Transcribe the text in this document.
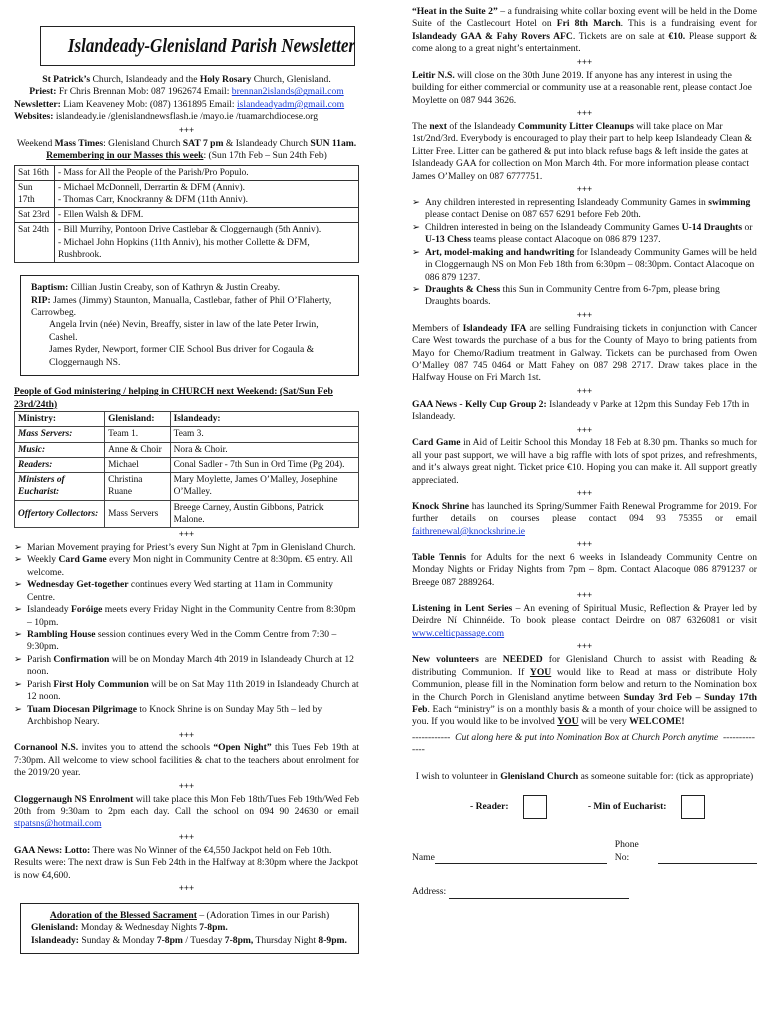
Islandeady-Glenisland Parish Newsletter

St Patrick’s Church, Islandeady and the Holy Rosary Church, Glenisland.

Priest: Fr Chris Brennan Mob: 087 1962674 Email: brennan2islands@gmail.com

Newsletter: Liam Keaveney Mob: (087) 1361895 Email: islandeadyadm@gmail.com

Websites: islandeady.ie /glenislandnewsflash.ie /mayo.ie /tuamarchdiocese.org

+++

Weekend Mass Times: Glenisland Church SAT 7 pm & Islandeady Church SUN 11am.

Remembering in our Masses this week: (Sun 17th Feb – Sun 24th Feb)

Sat 16th	- Mass for All the People of the Parish/Pro Populo.

Sun 17th	- Michael McDonnell, Derrartin & DFM (Anniv).
- Thomas Carr, Knockranny & DFM (11th Anniv).

Sat 23rd	- Ellen Walsh & DFM.

Sat 24th	- Bill Murrihy, Pontoon Drive Castlebar & Cloggernaugh (5th Anniv).
- Michael John Hopkins (11th Anniv), his mother Collette & DFM, Rushbrook.

Baptism: Cillian Justin Creaby, son of Kathryn & Justin Creaby.

RIP: James (Jimmy) Staunton, Manualla, Castlebar, father of Phil O’Flaherty, Carrowbeg.

Angela Irvin (née) Nevin, Breaffy, sister in law of the late Peter Irwin, Cashel.

James Ryder, Newport, former CIE School Bus driver for Cogaula & Cloggernaugh NS.

People of God ministering / helping in CHURCH next Weekend: (Sat/Sun Feb 23rd/24th)

Ministry:	Glenisland:	Islandeady:
Mass Servers:	Team 1.	Team 3.
Music:	Anne & Choir	Nora & Choir.
Readers:	Michael	Conal Sadler - 7th Sun in Ord Time (Pg 204).
Ministers of Eucharist:	Christina Ruane	Mary Moylette, James O’Malley, Josephine O’Malley.
Offertory Collectors:	Mass Servers	Breege Carney, Austin Gibbons, Patrick Malone.

+++

➢ Marian Movement praying for Priest’s every Sun Night at 7pm in Glenisland Church.
➢ Weekly Card Game every Mon night in Community Centre at 8:30pm. €5 entry. All welcome.
➢ Wednesday Get-together continues every Wed starting at 11am in Community Centre.
➢ Islandeady Foróige meets every Friday Night in the Community Centre from 8:30pm – 10pm.
➢ Rambling House session continues every Wed in the Comm Centre from 7:30 – 9:30pm.
➢ Parish Confirmation will be on Monday March 4th 2019 in Islandeady Church at 12 noon.
➢ Parish First Holy Communion will be on Sat May 11th 2019 in Islandeady Church at 12 noon.
➢ Tuam Diocesan Pilgrimage to Knock Shrine is on Sunday May 5th – led by Archbishop Neary.

+++

Cornanool N.S. invites you to attend the schools “Open Night” this Tues Feb 19th at 7:30pm. All welcome to view school facilities & chat to the teachers about enrolment for the 2019/20 year.

+++

Cloggernaugh NS Enrolment will take place this Mon Feb 18th/Tues Feb 19th/Wed Feb 20th from 9:30am to 2pm each day. Call the school on 094 90 24630 or email stpatsns@hotmail.com

+++

GAA News: Lotto: There was No Winner of the €4,550 Jackpot held on Feb 10th. Results were: The next draw is Sun Feb 24th in the Halfway at 8:30pm where the Jackpot is now €4,600.

+++

Adoration of the Blessed Sacrament – (Adoration Times in our Parish)

Glenisland: Monday & Wednesday Nights 7-8pm.

Islandeady: Sunday & Monday 7-8pm / Tuesday 7-8pm, Thursday Night 8-9pm.

“Heat in the Suite 2” – a fundraising white collar boxing event will be held in the Dome Suite of the Castlecourt Hotel on Fri 8th March. This is a fundraising event for Islandeady GAA & Fahy Rovers AFC. Tickets are on sale at €10. Please support & come along to a great night’s entertainment.

+++

Leitir N.S. will close on the 30th June 2019. If anyone has any interest in using the building for either commercial or community use at a reasonable rent, please contact Joe Moylette on 087 944 3626.

+++

The next of the Islandeady Community Litter Cleanups will take place on Mar 1st/2nd/3rd. Everybody is encouraged to play their part to help keep Islandeady Clean & Litter Free. Litter can be gathered & put into black refuse bags & left inside the gates at Islandeady GAA for collection on Mon March 4th. For more information please contact James O’Malley on 087 6777751.

+++

➢ Any children interested in representing Islandeady Community Games in swimming please contact Denise on 087 657 6291 before Feb 20th.
➢ Children interested in being on the Islandeady Community Games U-14 Draughts or U-13 Chess teams please contact Alacoque on 086 879 1237.
➢ Art, model-making and handwriting for Islandeady Community Games will be held in Cloggernaugh NS on Mon Feb 18th from 6:30pm – 08:30pm. Contact Alacoque on 086 879 1237.
➢ Draughts & Chess this Sun in Community Centre from 6-7pm, please bring Draughts boards.

+++

Members of Islandeady IFA are selling Fundraising tickets in conjunction with Cancer Care West towards the purchase of a bus for the County of Mayo to bring patients from Mayo for Chemo/Radium treatment in Galway. Tickets can be purchased from Owen O’Malley 087 745 0464 or Matt Fahey on 087 298 2717. Draw takes place in the Halfway House on Fri March 1st.

+++

GAA News - Kelly Cup Group 2: Islandeady v Parke at 12pm this Sunday Feb 17th in Islandeady.

+++

Card Game in Aid of Leitir School this Monday 18 Feb at 8.30 pm. Thanks so much for all your past support, we will have a big raffle with lots of spot prizes, and refreshments, and it’s always great night. Ticket price €10. Hoping you can make it. All support greatly appreciated.

+++

Knock Shrine has launched its Spring/Summer Faith Renewal Programme for 2019. For further details on courses please contact 094 93 75355 or email faithrenewal@knockshrine.ie

+++

Table Tennis for Adults for the next 6 weeks in Islandeady Community Centre on Monday Nights or Friday Nights from 7pm – 8pm. Contact Alacoque 086 8791237 or Breege 087 2889264.

+++

Listening in Lent Series – An evening of Spiritual Music, Reflection & Prayer led by Deirdre Ní Chinnéide. To book please contact Deirdre on 087 6326081 or visit www.celticpassage.com

+++

New volunteers are NEEDED for Glenisland Church to assist with Reading & distributing Communion. If YOU would like to Read at mass or distribute Holy Communion, please fill in the Nomination form below and return to the Nomination box in the Church Porch in Glenisland anytime between Sunday 3rd Feb – Sunday 17th Feb. Each “ministry” is on a monthly basis & a month of your choice will be assigned to you. If you would like to be involved YOU will be very WELCOME!

------------ Cut along here & put into Nomination Box at Church Porch anytime --------------

I wish to volunteer in Glenisland Church as someone suitable for: (tick as appropriate)

- Reader:	- Min of Eucharist:
Name
Phone No:
Address:
